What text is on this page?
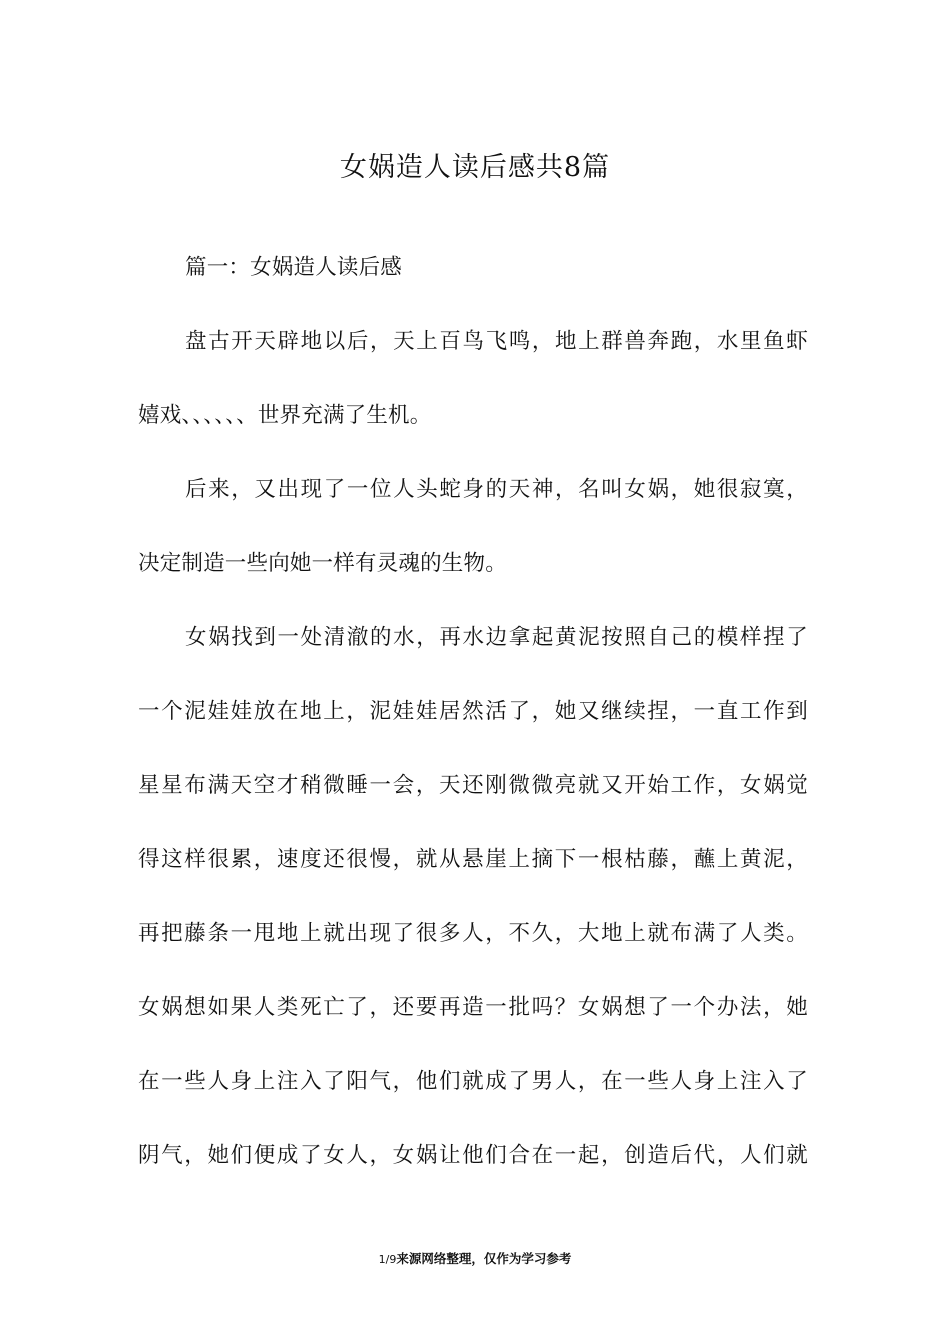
女娲造人读后感共8篇
篇一：女娲造人读后感
盘古开天辟地以后，天上百鸟飞鸣，地上群兽奔跑，水里鱼虾
嬉戏、、、、、、世界充满了生机。
后来，又出现了一位人头蛇身的天神，名叫女娲，她很寂寞，
决定制造一些向她一样有灵魂的生物。
女娲找到一处清澈的水，再水边拿起黄泥按照自己的模样捏了
一个泥娃娃放在地上，泥娃娃居然活了，她又继续捏，一直工作到
星星布满天空才稍微睡一会，天还刚微微亮就又开始工作，女娲觉
得这样很累，速度还很慢，就从悬崖上摘下一根枯藤，蘸上黄泥，
再把藤条一甩地上就出现了很多人，不久，大地上就布满了人类。
女娲想如果人类死亡了，还要再造一批吗？女娲想了一个办法，她
在一些人身上注入了阳气，他们就成了男人，在一些人身上注入了
阴气，她们便成了女人，女娲让他们合在一起，创造后代，人们就
1/9来源网络整理，仅作为学习参考
